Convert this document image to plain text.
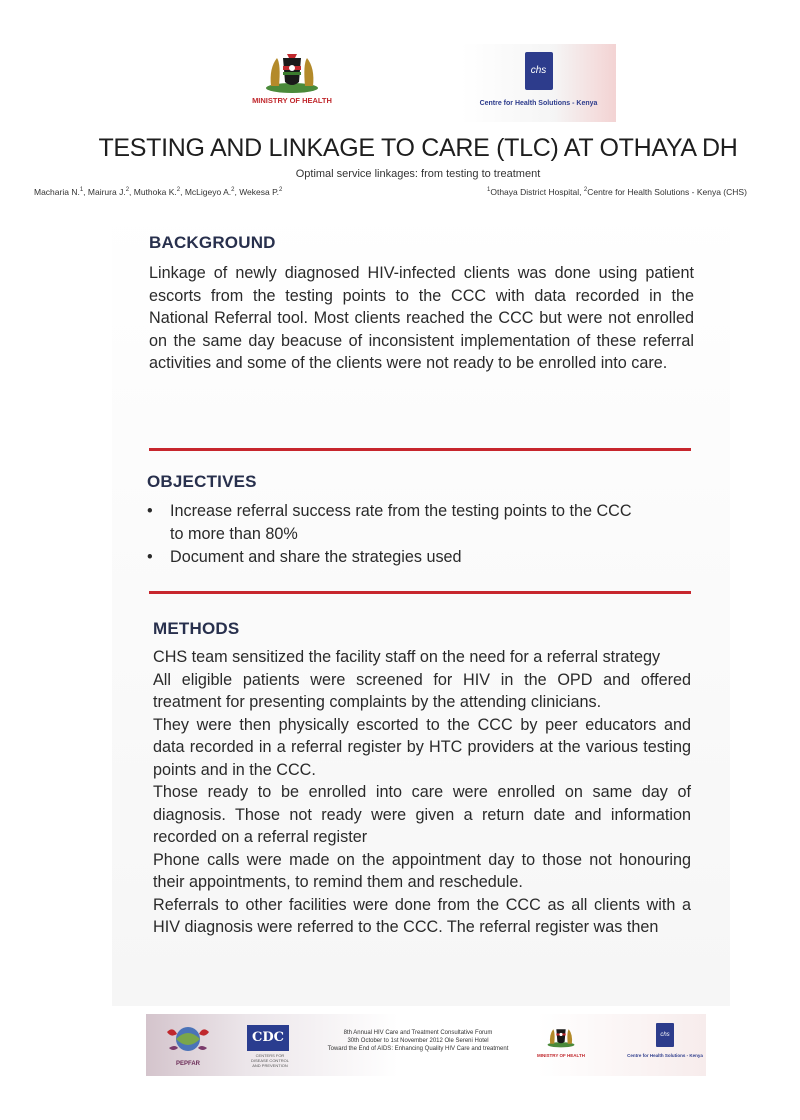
MINISTRY OF HEALTH
chs
Centre for Health Solutions - Kenya
TESTING AND LINKAGE TO CARE (TLC) AT OTHAYA DH
Optimal service linkages: from testing to treatment
Macharia N.$^1$, Mairura J.$^2$, Muthoka K.$^2$, McLigeyo A.$^2$, Wekesa P.$^2$	$^1$Othaya District Hospital, $^2$Centre for Health Solutions - Kenya (CHS)
BACKGROUND
Linkage of newly diagnosed HIV-infected clients was done using patient escorts from the testing points to the CCC with data recorded in the National Referral tool. Most clients reached the CCC but were not enrolled on the same day beacuse of inconsistent implementation of these referral activities and some of the clients were not ready to be enrolled into care.
OBJECTIVES
• Increase referral success rate from the testing points to the CCC to more than 80%
• Document and share the strategies used
METHODS

CHS team sensitized the facility staff on the need for a referral strategy

All eligible patients were screened for HIV in the OPD and offered treatment for presenting complaints by the attending clinicians.

They were then physically escorted to the CCC by peer educators and data recorded in a referral register by HTC providers at the various testing points and in the CCC.

Those ready to be enrolled into care were enrolled on same day of diagnosis. Those not ready were given a return date and information recorded on a referral register

Phone calls were made on the appointment day to those not honouring their appointments, to remind them and reschedule.

Referrals to other facilities were done from the CCC as all clients with a HIV diagnosis were referred to the CCC. The referral register was then

PEPFAR
CDC
CENTERS FOR DISEASE CONTROL AND PREVENTION
8th Annual HIV Care and Treatment Consultative Forum
30th October to 1st November 2012 Ole Sereni Hotel
Toward the End of AIDS: Enhancing Quality HIV Care and treatment
MINISTRY OF HEALTH
chs
Centre for Health Solutions - Kenya
